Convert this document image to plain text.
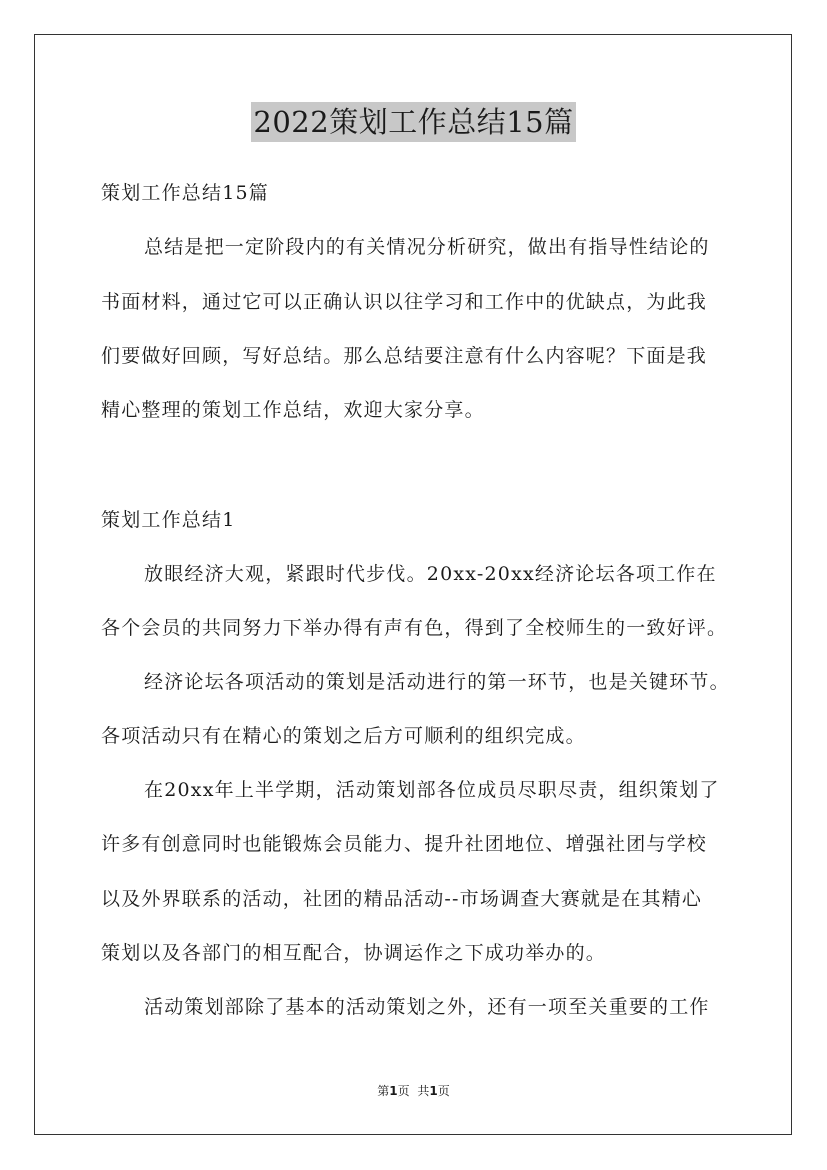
2022策划工作总结15篇
策划工作总结15篇
总结是把一定阶段内的有关情况分析研究，做出有指导性结论的
书面材料，通过它可以正确认识以往学习和工作中的优缺点，为此我
们要做好回顾，写好总结。那么总结要注意有什么内容呢？下面是我
精心整理的策划工作总结，欢迎大家分享。
策划工作总结1
放眼经济大观，紧跟时代步伐。20xx-20xx经济论坛各项工作在
各个会员的共同努力下举办得有声有色，得到了全校师生的一致好评。
经济论坛各项活动的策划是活动进行的第一环节，也是关键环节。
各项活动只有在精心的策划之后方可顺利的组织完成。
在20xx年上半学期，活动策划部各位成员尽职尽责，组织策划了
许多有创意同时也能锻炼会员能力、提升社团地位、增强社团与学校
以及外界联系的活动，社团的精品活动--市场调查大赛就是在其精心
策划以及各部门的相互配合，协调运作之下成功举办的。
活动策划部除了基本的活动策划之外，还有一项至关重要的工作
第1页 共1页
